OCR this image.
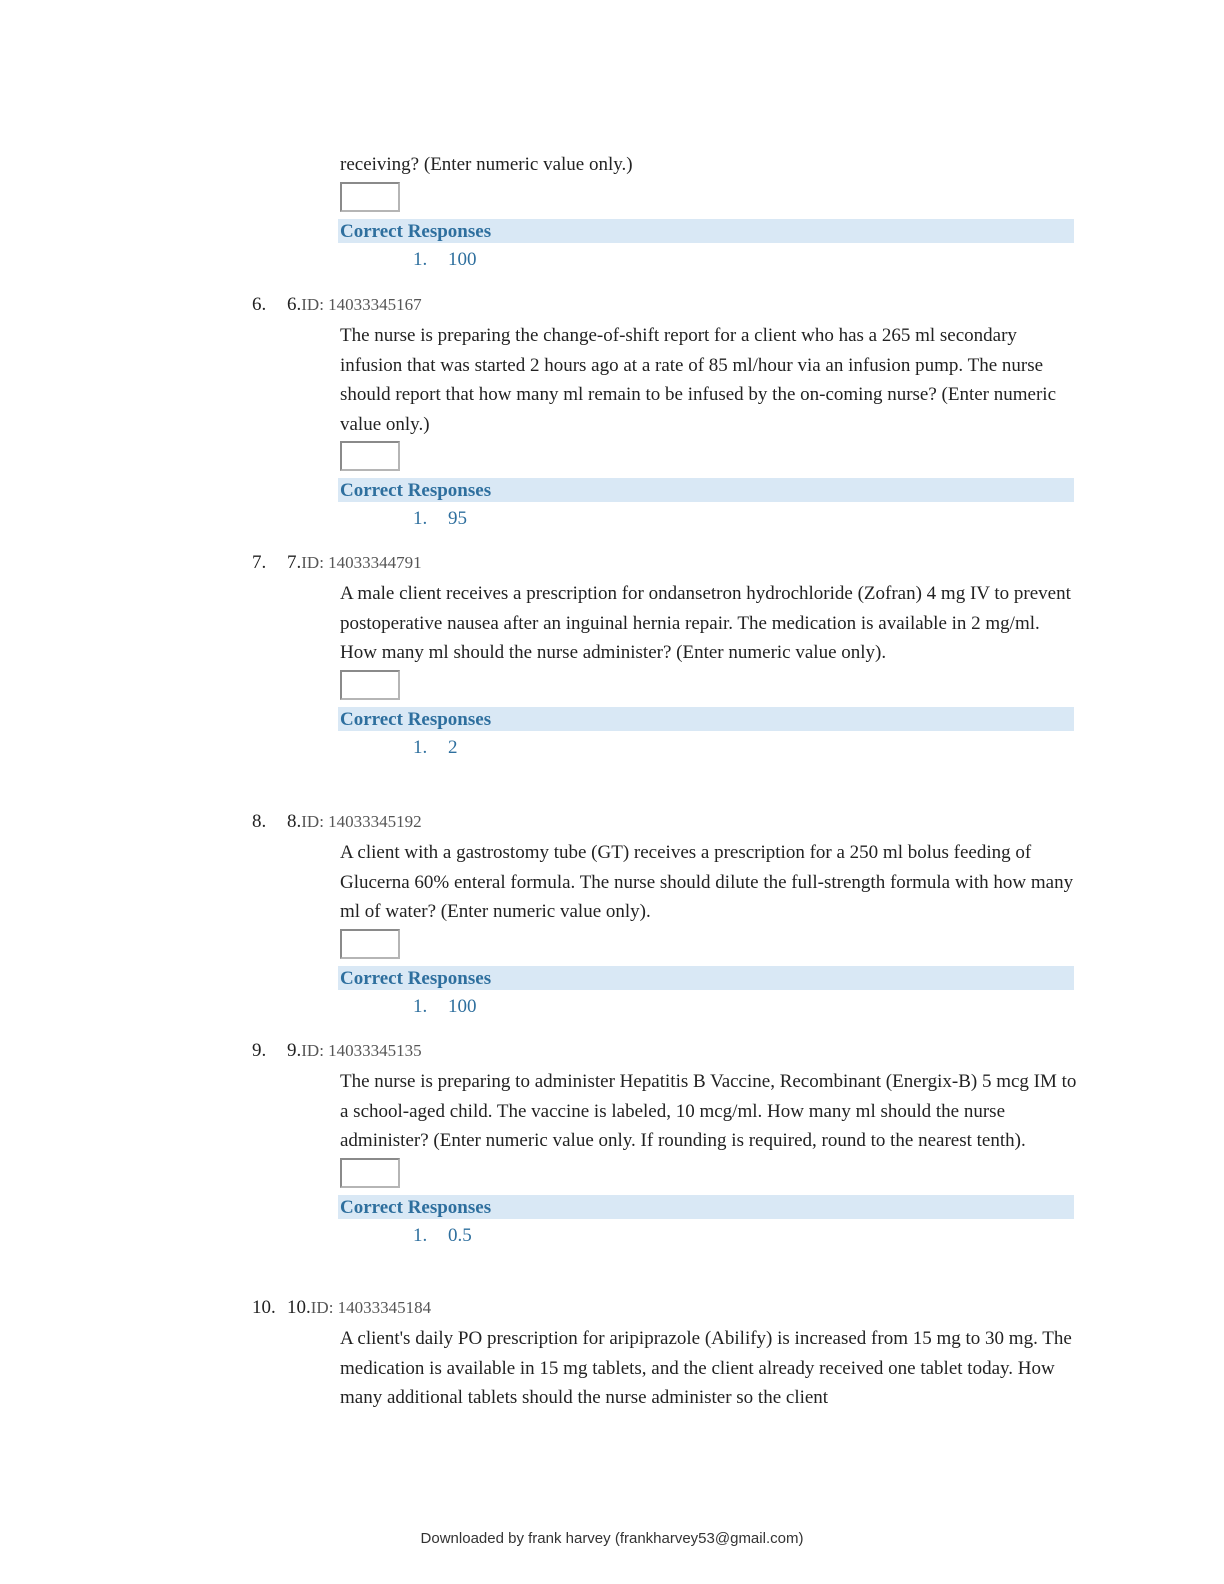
receiving? (Enter numeric value only.)

Correct Responses
1. 100
6. 6.ID: 14033345167

The nurse is preparing the change-of-shift report for a client who has a 265 ml secondary infusion that was started 2 hours ago at a rate of 85 ml/hour via an infusion pump. The nurse should report that how many ml remain to be infused by the on-coming nurse? (Enter numeric value only.)

Correct Responses
1. 95
7. 7.ID: 14033344791

A male client receives a prescription for ondansetron hydrochloride (Zofran) 4 mg IV to prevent postoperative nausea after an inguinal hernia repair. The medication is available in 2 mg/ml. How many ml should the nurse administer? (Enter numeric value only).

Correct Responses
1. 2
8. 8.ID: 14033345192

A client with a gastrostomy tube (GT) receives a prescription for a 250 ml bolus feeding of Glucerna 60% enteral formula. The nurse should dilute the full-strength formula with how many ml of water? (Enter numeric value only).

Correct Responses
1. 100
9. 9.ID: 14033345135

The nurse is preparing to administer Hepatitis B Vaccine, Recombinant (Energix-B) 5 mcg IM to a school-aged child. The vaccine is labeled, 10 mcg/ml. How many ml should the nurse administer? (Enter numeric value only. If rounding is required, round to the nearest tenth).

Correct Responses
1. 0.5
10. 10.ID: 14033345184

A client's daily PO prescription for aripiprazole (Abilify) is increased from 15 mg to 30 mg. The medication is available in 15 mg tablets, and the client already received one tablet today. How many additional tablets should the nurse administer so the client

Downloaded by frank harvey (frankharvey53@gmail.com)
